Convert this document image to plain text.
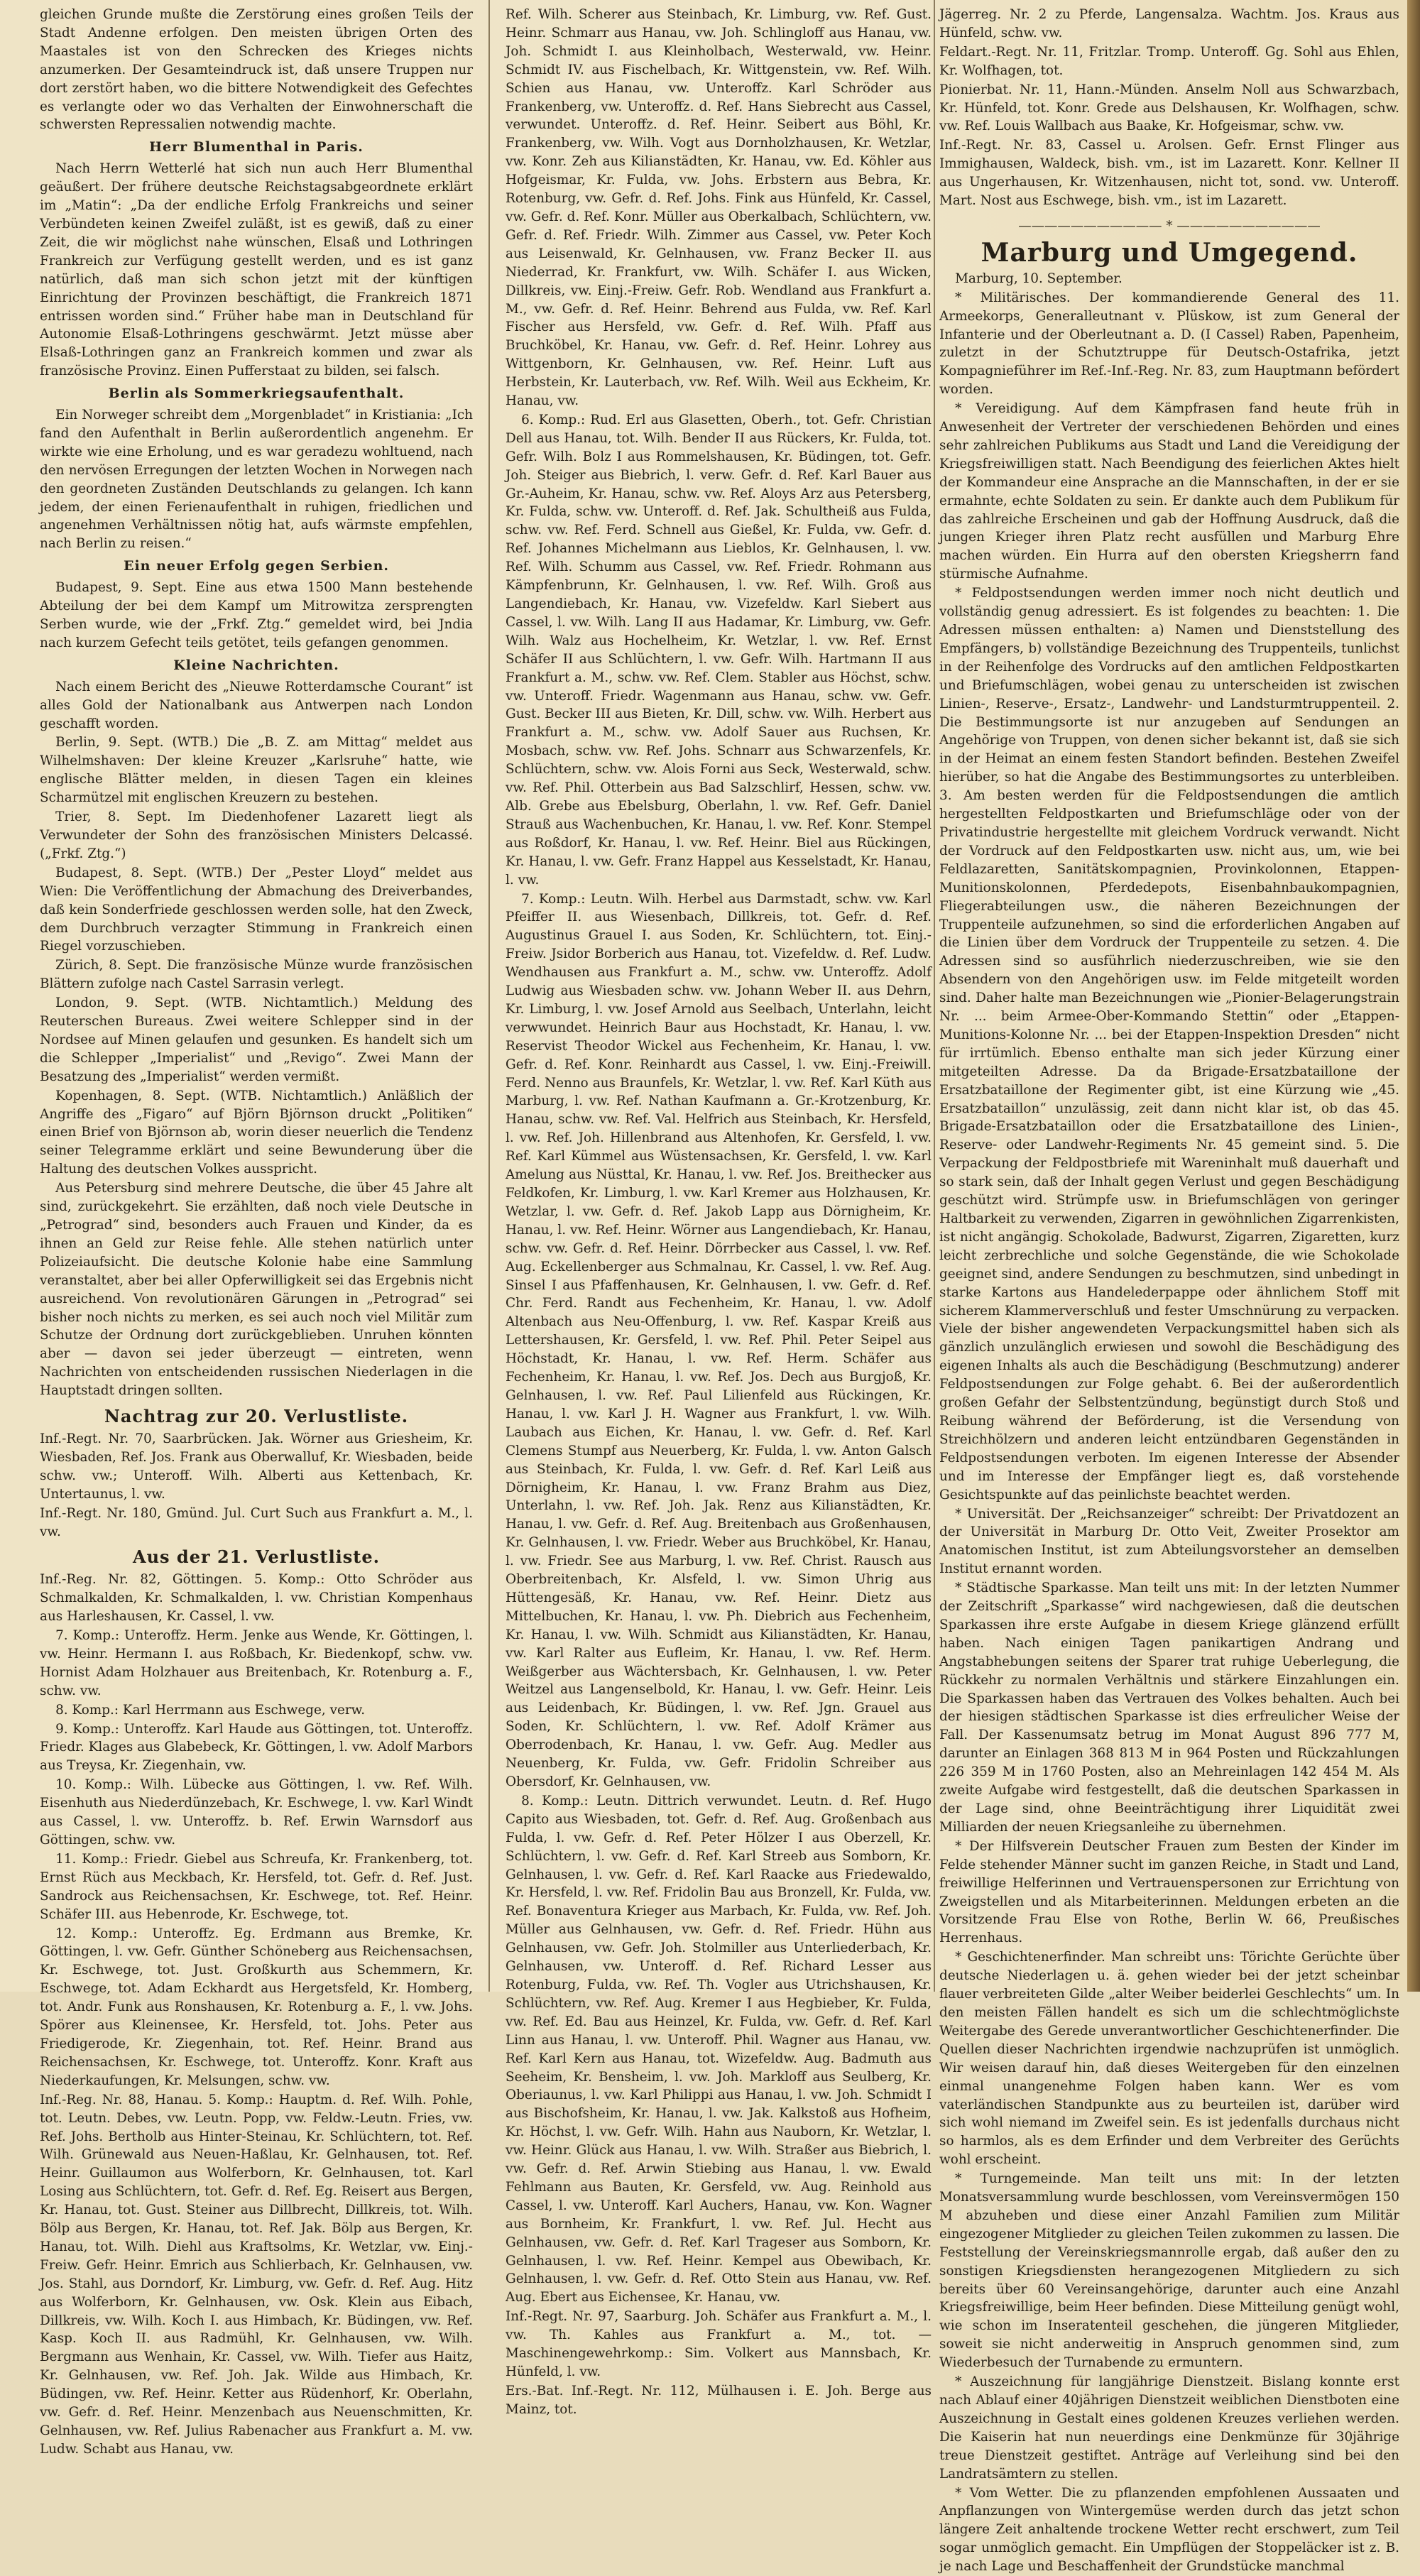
gleichen Grunde mußte die Zerstörung eines großen Teils der Stadt Andenne erfolgen. Den meisten übrigen Orten des Maastales ist von den Schrecken des Krieges nichts anzumerken. Der Gesamteindruck ist, daß unsere Truppen nur dort zerstört haben, wo die bittere Notwendigkeit des Gefechtes es verlangte oder wo das Verhalten der Einwohnerschaft die schwersten Repressalien notwendig machte.

Herr Blumenthal in Paris.

Nach Herrn Wetterlé hat sich nun auch Herr Blumenthal geäußert. Der frühere deutsche Reichstagsabgeordnete erklärt im „Matin“: „Da der endliche Erfolg Frankreichs und seiner Verbündeten keinen Zweifel zuläßt, ist es gewiß, daß zu einer Zeit, die wir möglichst nahe wünschen, Elsaß und Lothringen Frankreich zur Verfügung gestellt werden, und es ist ganz natürlich, daß man sich schon jetzt mit der künftigen Einrichtung der Provinzen beschäftigt, die Frankreich 1871 entrissen worden sind.“ Früher habe man in Deutschland für Autonomie Elsaß-Lothringens geschwärmt. Jetzt müsse aber Elsaß-Lothringen ganz an Frankreich kommen und zwar als französische Provinz. Einen Pufferstaat zu bilden, sei falsch.

Berlin als Sommerkriegsaufenthalt.

Ein Norweger schreibt dem „Morgenbladet“ in Kristiania: „Ich fand den Aufenthalt in Berlin außerordentlich angenehm. Er wirkte wie eine Erholung, und es war geradezu wohltuend, nach den nervösen Erregungen der letzten Wochen in Norwegen nach den geordneten Zuständen Deutschlands zu gelangen. Ich kann jedem, der einen Ferienaufenthalt in ruhigen, friedlichen und angenehmen Verhältnissen nötig hat, aufs wärmste empfehlen, nach Berlin zu reisen.“

Ein neuer Erfolg gegen Serbien.

Budapest, 9. Sept. Eine aus etwa 1500 Mann bestehende Abteilung der bei dem Kampf um Mitrowitza zersprengten Serben wurde, wie der „Frkf. Ztg.“ gemeldet wird, bei Jndia nach kurzem Gefecht teils getötet, teils gefangen genommen.

Kleine Nachrichten.

Nach einem Bericht des „Nieuwe Rotterdamsche Courant“ ist alles Gold der Nationalbank aus Antwerpen nach London geschafft worden.

Berlin, 9. Sept. (WTB.) Die „B. Z. am Mittag“ meldet aus Wilhelmshaven: Der kleine Kreuzer „Karlsruhe“ hatte, wie englische Blätter melden, in diesen Tagen ein kleines Scharmützel mit englischen Kreuzern zu bestehen.

Trier, 8. Sept. Im Diedenhofener Lazarett liegt als Verwundeter der Sohn des französischen Ministers Delcassé. („Frkf. Ztg.“)

Budapest, 8. Sept. (WTB.) Der „Pester Lloyd“ meldet aus Wien: Die Veröffentlichung der Abmachung des Dreiverbandes, daß kein Sonderfriede geschlossen werden solle, hat den Zweck, dem Durchbruch verzagter Stimmung in Frankreich einen Riegel vorzuschieben.

Zürich, 8. Sept. Die französische Münze wurde französischen Blättern zufolge nach Castel Sarrasin verlegt.

London, 9. Sept. (WTB. Nichtamtlich.) Meldung des Reuterschen Bureaus. Zwei weitere Schlepper sind in der Nordsee auf Minen gelaufen und gesunken. Es handelt sich um die Schlepper „Imperialist“ und „Revigo“. Zwei Mann der Besatzung des „Imperialist“ werden vermißt.

Kopenhagen, 8. Sept. (WTB. Nichtamtlich.) Anläßlich der Angriffe des „Figaro“ auf Björn Björnson druckt „Politiken“ einen Brief von Björnson ab, worin dieser neuerlich die Tendenz seiner Telegramme erklärt und seine Bewunderung über die Haltung des deutschen Volkes ausspricht.

Aus Petersburg sind mehrere Deutsche, die über 45 Jahre alt sind, zurückgekehrt. Sie erzählten, daß noch viele Deutsche in „Petrograd“ sind, besonders auch Frauen und Kinder, da es ihnen an Geld zur Reise fehle. Alle stehen natürlich unter Polizeiaufsicht. Die deutsche Kolonie habe eine Sammlung veranstaltet, aber bei aller Opferwilligkeit sei das Ergebnis nicht ausreichend. Von revolutionären Gärungen in „Petrograd“ sei bisher noch nichts zu merken, es sei auch noch viel Militär zum Schutze der Ordnung dort zurückgeblieben. Unruhen könnten aber — davon sei jeder überzeugt — eintreten, wenn Nachrichten von entscheidenden russischen Niederlagen in die Hauptstadt dringen sollten.

Nachtrag zur 20. Verlustliste.

Inf.-Regt. Nr. 70, Saarbrücken. Jak. Wörner aus Griesheim, Kr. Wiesbaden, Ref. Jos. Frank aus Oberwalluf, Kr. Wiesbaden, beide schw. vw.; Unteroff. Wilh. Alberti aus Kettenbach, Kr. Untertaunus, l. vw.

Inf.-Regt. Nr. 180, Gmünd. Jul. Curt Such aus Frankfurt a. M., l. vw.

Aus der 21. Verlustliste.

Inf.-Reg. Nr. 82, Göttingen. 5. Komp.: Otto Schröder aus Schmalkalden, Kr. Schmalkalden, l. vw. Christian Kompenhaus aus Harleshausen, Kr. Cassel, l. vw.

7. Komp.: Unteroffz. Herm. Jenke aus Wende, Kr. Göttingen, l. vw. Heinr. Hermann I. aus Roßbach, Kr. Biedenkopf, schw. vw. Hornist Adam Holzhauer aus Breitenbach, Kr. Rotenburg a. F., schw. vw.

8. Komp.: Karl Herrmann aus Eschwege, verw.

9. Komp.: Unteroffz. Karl Haude aus Göttingen, tot. Unteroffz. Friedr. Klages aus Glabebeck, Kr. Göttingen, l. vw. Adolf Marbors aus Treysa, Kr. Ziegenhain, vw.

10. Komp.: Wilh. Lübecke aus Göttingen, l. vw. Ref. Wilh. Eisenhuth aus Niederdünzebach, Kr. Eschwege, l. vw. Karl Windt aus Cassel, l. vw. Unteroffz. b. Ref. Erwin Warnsdorf aus Göttingen, schw. vw.

11. Komp.: Friedr. Giebel aus Schreufa, Kr. Frankenberg, tot. Ernst Rüch aus Meckbach, Kr. Hersfeld, tot. Gefr. d. Ref. Just. Sandrock aus Reichensachsen, Kr. Eschwege, tot. Ref. Heinr. Schäfer III. aus Hebenrode, Kr. Eschwege, tot.

12. Komp.: Unteroffz. Eg. Erdmann aus Bremke, Kr. Göttingen, l. vw. Gefr. Günther Schöneberg aus Reichensachsen, Kr. Eschwege, tot. Just. Großkurth aus Schemmern, Kr. Eschwege, tot. Adam Eckhardt aus Hergetsfeld, Kr. Homberg, tot. Andr. Funk aus Ronshausen, Kr. Rotenburg a. F., l. vw. Johs. Spörer aus Kleinensee, Kr. Hersfeld, tot. Johs. Peter aus Friedigerode, Kr. Ziegenhain, tot. Ref. Heinr. Brand aus Reichensachsen, Kr. Eschwege, tot. Unteroffz. Konr. Kraft aus Niederkaufungen, Kr. Melsungen, schw. vw.

Inf.-Reg. Nr. 88, Hanau. 5. Komp.: Hauptm. d. Ref. Wilh. Pohle, tot. Leutn. Debes, vw. Leutn. Popp, vw. Feldw.-Leutn. Fries, vw. Ref. Johs. Bertholb aus Hinter-Steinau, Kr. Schlüchtern, tot. Ref. Wilh. Grünewald aus Neuen-Haßlau, Kr. Gelnhausen, tot. Ref. Heinr. Guillaumon aus Wolferborn, Kr. Gelnhausen, tot. Karl Losing aus Schlüchtern, tot. Gefr. d. Ref. Eg. Reisert aus Bergen, Kr. Hanau, tot. Gust. Steiner aus Dillbrecht, Dillkreis, tot. Wilh. Bölp aus Bergen, Kr. Hanau, tot. Ref. Jak. Bölp aus Bergen, Kr. Hanau, tot. Wilh. Diehl aus Kraftsolms, Kr. Wetzlar, vw. Einj.-Freiw. Gefr. Heinr. Emrich aus Schlierbach, Kr. Gelnhausen, vw. Jos. Stahl, aus Dorndorf, Kr. Limburg, vw. Gefr. d. Ref. Aug. Hitz aus Wolferborn, Kr. Gelnhausen, vw. Osk. Klein aus Eibach, Dillkreis, vw. Wilh. Koch I. aus Himbach, Kr. Büdingen, vw. Ref. Kasp. Koch II. aus Radmühl, Kr. Gelnhausen, vw. Wilh. Bergmann aus Wenhain, Kr. Cassel, vw. Wilh. Tiefer aus Haitz, Kr. Gelnhausen, vw. Ref. Joh. Jak. Wilde aus Himbach, Kr. Büdingen, vw. Ref. Heinr. Ketter aus Rüdenhorf, Kr. Oberlahn, vw. Gefr. d. Ref. Heinr. Menzenbach aus Neuenschmitten, Kr. Gelnhausen, vw. Ref. Julius Rabenacher aus Frankfurt a. M. vw. Ludw. Schabt aus Hanau, vw.

Ref. Wilh. Scherer aus Steinbach, Kr. Limburg, vw. Ref. Gust. Heinr. Schmarr aus Hanau, vw. Joh. Schlingloff aus Hanau, vw. Joh. Schmidt I. aus Kleinholbach, Westerwald, vw. Heinr. Schmidt IV. aus Fischelbach, Kr. Wittgenstein, vw. Ref. Wilh. Schien aus Hanau, vw. Unteroffz. Karl Schröder aus Frankenberg, vw. Unteroffz. d. Ref. Hans Siebrecht aus Cassel, verwundet. Unteroffz. d. Ref. Heinr. Seibert aus Böhl, Kr. Frankenberg, vw. Wilh. Vogt aus Dornholzhausen, Kr. Wetzlar, vw. Konr. Zeh aus Kilianstädten, Kr. Hanau, vw. Ed. Köhler aus Hofgeismar, Kr. Fulda, vw. Johs. Erbstern aus Bebra, Kr. Rotenburg, vw. Gefr. d. Ref. Johs. Fink aus Hünfeld, Kr. Cassel, vw. Gefr. d. Ref. Konr. Müller aus Oberkalbach, Schlüchtern, vw. Gefr. d. Ref. Friedr. Wilh. Zimmer aus Cassel, vw. Peter Koch aus Leisenwald, Kr. Gelnhausen, vw. Franz Becker II. aus Niederrad, Kr. Frankfurt, vw. Wilh. Schäfer I. aus Wicken, Dillkreis, vw. Einj.-Freiw. Gefr. Rob. Wendland aus Frankfurt a. M., vw. Gefr. d. Ref. Heinr. Behrend aus Fulda, vw. Ref. Karl Fischer aus Hersfeld, vw. Gefr. d. Ref. Wilh. Pfaff aus Bruchköbel, Kr. Hanau, vw. Gefr. d. Ref. Heinr. Lohrey aus Wittgenborn, Kr. Gelnhausen, vw. Ref. Heinr. Luft aus Herbstein, Kr. Lauterbach, vw. Ref. Wilh. Weil aus Eckheim, Kr. Hanau, vw.

6. Komp.: Rud. Erl aus Glasetten, Oberh., tot. Gefr. Christian Dell aus Hanau, tot. Wilh. Bender II aus Rückers, Kr. Fulda, tot. Gefr. Wilh. Bolz I aus Rommelshausen, Kr. Büdingen, tot. Gefr. Joh. Steiger aus Biebrich, l. verw. Gefr. d. Ref. Karl Bauer aus Gr.-Auheim, Kr. Hanau, schw. vw. Ref. Aloys Arz aus Petersberg, Kr. Fulda, schw. vw. Unteroff. d. Ref. Jak. Schultheiß aus Fulda, schw. vw. Ref. Ferd. Schnell aus Gießel, Kr. Fulda, vw. Gefr. d. Ref. Johannes Michelmann aus Lieblos, Kr. Gelnhausen, l. vw. Ref. Wilh. Schumm aus Cassel, vw. Ref. Friedr. Rohmann aus Kämpfenbrunn, Kr. Gelnhausen, l. vw. Ref. Wilh. Groß aus Langendiebach, Kr. Hanau, vw. Vizefeldw. Karl Siebert aus Cassel, l. vw. Wilh. Lang II aus Hadamar, Kr. Limburg, vw. Gefr. Wilh. Walz aus Hochelheim, Kr. Wetzlar, l. vw. Ref. Ernst Schäfer II aus Schlüchtern, l. vw. Gefr. Wilh. Hartmann II aus Frankfurt a. M., schw. vw. Ref. Clem. Stabler aus Höchst, schw. vw. Unteroff. Friedr. Wagenmann aus Hanau, schw. vw. Gefr. Gust. Becker III aus Bieten, Kr. Dill, schw. vw. Wilh. Herbert aus Frankfurt a. M., schw. vw. Adolf Sauer aus Ruchsen, Kr. Mosbach, schw. vw. Ref. Johs. Schnarr aus Schwarzenfels, Kr. Schlüchtern, schw. vw. Alois Forni aus Seck, Westerwald, schw. vw. Ref. Phil. Otterbein aus Bad Salzschlirf, Hessen, schw. vw. Alb. Grebe aus Ebelsburg, Oberlahn, l. vw. Ref. Gefr. Daniel Strauß aus Wachenbuchen, Kr. Hanau, l. vw. Ref. Konr. Stempel aus Roßdorf, Kr. Hanau, l. vw. Ref. Heinr. Biel aus Rückingen, Kr. Hanau, l. vw. Gefr. Franz Happel aus Kesselstadt, Kr. Hanau, l. vw.

7. Komp.: Leutn. Wilh. Herbel aus Darmstadt, schw. vw. Karl Pfeiffer II. aus Wiesenbach, Dillkreis, tot. Gefr. d. Ref. Augustinus Grauel I. aus Soden, Kr. Schlüchtern, tot. Einj.-Freiw. Jsidor Borberich aus Hanau, tot. Vizefeldw. d. Ref. Ludw. Wendhausen aus Frankfurt a. M., schw. vw. Unteroffz. Adolf Ludwig aus Wiesbaden schw. vw. Johann Weber II. aus Dehrn, Kr. Limburg, l. vw. Josef Arnold aus Seelbach, Unterlahn, leicht verwwundet. Heinrich Baur aus Hochstadt, Kr. Hanau, l. vw. Reservist Theodor Wickel aus Fechenheim, Kr. Hanau, l. vw. Gefr. d. Ref. Konr. Reinhardt aus Cassel, l. vw. Einj.-Freiwill. Ferd. Nenno aus Braunfels, Kr. Wetzlar, l. vw. Ref. Karl Küth aus Marburg, l. vw. Ref. Nathan Kaufmann a. Gr.-Krotzenburg, Kr. Hanau, schw. vw. Ref. Val. Helfrich aus Steinbach, Kr. Hersfeld, l. vw. Ref. Joh. Hillenbrand aus Altenhofen, Kr. Gersfeld, l. vw. Ref. Karl Kümmel aus Wüstensachsen, Kr. Gersfeld, l. vw. Karl Amelung aus Nüsttal, Kr. Hanau, l. vw. Ref. Jos. Breithecker aus Feldkofen, Kr. Limburg, l. vw. Karl Kremer aus Holzhausen, Kr. Wetzlar, l. vw. Gefr. d. Ref. Jakob Lapp aus Dörnigheim, Kr. Hanau, l. vw. Ref. Heinr. Wörner aus Langendiebach, Kr. Hanau, schw. vw. Gefr. d. Ref. Heinr. Dörrbecker aus Cassel, l. vw. Ref. Aug. Eckellenberger aus Schmalnau, Kr. Cassel, l. vw. Ref. Aug. Sinsel I aus Pfaffenhausen, Kr. Gelnhausen, l. vw. Gefr. d. Ref. Chr. Ferd. Randt aus Fechenheim, Kr. Hanau, l. vw. Adolf Altenbach aus Neu-Offenburg, l. vw. Ref. Kaspar Kreiß aus Lettershausen, Kr. Gersfeld, l. vw. Ref. Phil. Peter Seipel aus Höchstadt, Kr. Hanau, l. vw. Ref. Herm. Schäfer aus Fechenheim, Kr. Hanau, l. vw. Ref. Jos. Dech aus Burgjoß, Kr. Gelnhausen, l. vw. Ref. Paul Lilienfeld aus Rückingen, Kr. Hanau, l. vw. Karl J. H. Wagner aus Frankfurt, l. vw. Wilh. Laubach aus Eichen, Kr. Hanau, l. vw. Gefr. d. Ref. Karl Clemens Stumpf aus Neuerberg, Kr. Fulda, l. vw. Anton Galsch aus Steinbach, Kr. Fulda, l. vw. Gefr. d. Ref. Karl Leiß aus Dörnigheim, Kr. Hanau, l. vw. Franz Brahm aus Diez, Unterlahn, l. vw. Ref. Joh. Jak. Renz aus Kilianstädten, Kr. Hanau, l. vw. Gefr. d. Ref. Aug. Breitenbach aus Großenhausen, Kr. Gelnhausen, l. vw. Friedr. Weber aus Bruchköbel, Kr. Hanau, l. vw. Friedr. See aus Marburg, l. vw. Ref. Christ. Rausch aus Oberbreitenbach, Kr. Alsfeld, l. vw. Simon Uhrig aus Hüttengesäß, Kr. Hanau, vw. Ref. Heinr. Dietz aus Mittelbuchen, Kr. Hanau, l. vw. Ph. Diebrich aus Fechenheim, Kr. Hanau, l. vw. Wilh. Schmidt aus Kilianstädten, Kr. Hanau, vw. Karl Ralter aus Eufleim, Kr. Hanau, l. vw. Ref. Herm. Weißgerber aus Wächtersbach, Kr. Gelnhausen, l. vw. Peter Weitzel aus Langenselbold, Kr. Hanau, l. vw. Gefr. Heinr. Leis aus Leidenbach, Kr. Büdingen, l. vw. Ref. Jgn. Grauel aus Soden, Kr. Schlüchtern, l. vw. Ref. Adolf Krämer aus Oberrodenbach, Kr. Hanau, l. vw. Gefr. Aug. Medler aus Neuenberg, Kr. Fulda, vw. Gefr. Fridolin Schreiber aus Obersdorf, Kr. Gelnhausen, vw.

8. Komp.: Leutn. Dittrich verwundet. Leutn. d. Ref. Hugo Capito aus Wiesbaden, tot. Gefr. d. Ref. Aug. Großenbach aus Fulda, l. vw. Gefr. d. Ref. Peter Hölzer I aus Oberzell, Kr. Schlüchtern, l. vw. Gefr. d. Ref. Karl Streeb aus Somborn, Kr. Gelnhausen, l. vw. Gefr. d. Ref. Karl Raacke aus Friedewaldo, Kr. Hersfeld, l. vw. Ref. Fridolin Bau aus Bronzell, Kr. Fulda, vw. Ref. Bonaventura Krieger aus Marbach, Kr. Fulda, vw. Ref. Joh. Müller aus Gelnhausen, vw. Gefr. d. Ref. Friedr. Hühn aus Gelnhausen, vw. Gefr. Joh. Stolmiller aus Unterliederbach, Kr. Gelnhausen, vw. Unteroff. d. Ref. Richard Lesser aus Rotenburg, Fulda, vw. Ref. Th. Vogler aus Utrichshausen, Kr. Schlüchtern, vw. Ref. Aug. Kremer I aus Hegbieber, Kr. Fulda, vw. Ref. Ed. Bau aus Heinzel, Kr. Fulda, vw. Gefr. d. Ref. Karl Linn aus Hanau, l. vw. Unteroff. Phil. Wagner aus Hanau, vw. Ref. Karl Kern aus Hanau, tot. Wizefeldw. Aug. Badmuth aus Seeheim, Kr. Bensheim, l. vw. Joh. Markloff aus Seulberg, Kr. Oberiaunus, l. vw. Karl Philippi aus Hanau, l. vw. Joh. Schmidt I aus Bischofsheim, Kr. Hanau, l. vw. Jak. Kalkstoß aus Hofheim, Kr. Höchst, l. vw. Gefr. Wilh. Hahn aus Nauborn, Kr. Wetzlar, l. vw. Heinr. Glück aus Hanau, l. vw. Wilh. Straßer aus Biebrich, l. vw. Gefr. d. Ref. Arwin Stiebing aus Hanau, l. vw. Ewald Fehlmann aus Bauten, Kr. Gersfeld, vw. Aug. Reinhold aus Cassel, l. vw. Unteroff. Karl Auchers, Hanau, vw. Kon. Wagner aus Bornheim, Kr. Frankfurt, l. vw. Ref. Jul. Hecht aus Gelnhausen, vw. Gefr. d. Ref. Karl Trageser aus Somborn, Kr. Gelnhausen, l. vw. Ref. Heinr. Kempel aus Obewibach, Kr. Gelnhausen, l. vw. Gefr. d. Ref. Otto Stein aus Hanau, vw. Ref. Aug. Ebert aus Eichensee, Kr. Hanau, vw.

Inf.-Regt. Nr. 97, Saarburg. Joh. Schäfer aus Frankfurt a. M., l. vw. Th. Kahles aus Frankfurt a. M., tot. — Maschinengewehrkomp.: Sim. Volkert aus Mannsbach, Kr. Hünfeld, l. vw.

Ers.-Bat. Inf.-Regt. Nr. 112, Mülhausen i. E. Joh. Berge aus Mainz, tot.

Jägerreg. Nr. 2 zu Pferde, Langensalza. Wachtm. Jos. Kraus aus Hünfeld, schw. vw.

Feldart.-Regt. Nr. 11, Fritzlar. Tromp. Unteroff. Gg. Sohl aus Ehlen, Kr. Wolfhagen, tot.

Pionierbat. Nr. 11, Hann.-Münden. Anselm Noll aus Schwarzbach, Kr. Hünfeld, tot. Konr. Grede aus Delshausen, Kr. Wolfhagen, schw. vw. Ref. Louis Wallbach aus Baake, Kr. Hofgeismar, schw. vw.

Inf.-Regt. Nr. 83, Cassel u. Arolsen. Gefr. Ernst Flinger aus Immighausen, Waldeck, bish. vm., ist im Lazarett. Konr. Kellner II aus Ungerhausen, Kr. Witzenhausen, nicht tot, sond. vw. Unteroff. Mart. Nost aus Eschwege, bish. vm., ist im Lazarett.

——————————— * ———————————
Marburg und Umgegend.

Marburg, 10. September.

* Militärisches. Der kommandierende General des 11. Armeekorps, Generalleutnant v. Plüskow, ist zum General der Infanterie und der Oberleutnant a. D. (I Cassel) Raben, Papenheim, zuletzt in der Schutztruppe für Deutsch-Ostafrika, jetzt Kompagnieführer im Ref.-Inf.-Reg. Nr. 83, zum Hauptmann befördert worden.

* Vereidigung. Auf dem Kämpfrasen fand heute früh in Anwesenheit der Vertreter der verschiedenen Behörden und eines sehr zahlreichen Publikums aus Stadt und Land die Vereidigung der Kriegsfreiwilligen statt. Nach Beendigung des feierlichen Aktes hielt der Kommandeur eine Ansprache an die Mannschaften, in der er sie ermahnte, echte Soldaten zu sein. Er dankte auch dem Publikum für das zahlreiche Erscheinen und gab der Hoffnung Ausdruck, daß die jungen Krieger ihren Platz recht ausfüllen und Marburg Ehre machen würden. Ein Hurra auf den obersten Kriegsherrn fand stürmische Aufnahme.

* Feldpostsendungen werden immer noch nicht deutlich und vollständig genug adressiert. Es ist folgendes zu beachten: 1. Die Adressen müssen enthalten: a) Namen und Dienststellung des Empfängers, b) vollständige Bezeichnung des Truppenteils, tunlichst in der Reihenfolge des Vordrucks auf den amtlichen Feldpostkarten und Briefumschlägen, wobei genau zu unterscheiden ist zwischen Linien-, Reserve-, Ersatz-, Landwehr- und Landsturmtruppenteil. 2. Die Bestimmungsorte ist nur anzugeben auf Sendungen an Angehörige von Truppen, von denen sicher bekannt ist, daß sie sich in der Heimat an einem festen Standort befinden. Bestehen Zweifel hierüber, so hat die Angabe des Bestimmungsortes zu unterbleiben. 3. Am besten werden für die Feldpostsendungen die amtlich hergestellten Feldpostkarten und Briefumschläge oder von der Privatindustrie hergestellte mit gleichem Vordruck verwandt. Nicht der Vordruck auf den Feldpostkarten usw. nicht aus, um, wie bei Feldlazaretten, Sanitätskompagnien, Provinkolonnen, Etappen-Munitionskolonnen, Pferdedepots, Eisenbahnbaukompagnien, Fliegerabteilungen usw., die näheren Bezeichnungen der Truppenteile aufzunehmen, so sind die erforderlichen Angaben auf die Linien über dem Vordruck der Truppenteile zu setzen. 4. Die Adressen sind so ausführlich niederzuschreiben, wie sie den Absendern von den Angehörigen usw. im Felde mitgeteilt worden sind. Daher halte man Bezeichnungen wie „Pionier-Belagerungstrain Nr. ... beim Armee-Ober-Kommando Stettin“ oder „Etappen-Munitions-Kolonne Nr. ... bei der Etappen-Inspektion Dresden“ nicht für irrtümlich. Ebenso enthalte man sich jeder Kürzung einer mitgeteilten Adresse. Da da Brigade-Ersatzbataillone der Ersatzbataillone der Regimenter gibt, ist eine Kürzung wie „45. Ersatzbataillon“ unzulässig, zeit dann nicht klar ist, ob das 45. Brigade-Ersatzbataillon oder die Ersatzbataillone des Linien-, Reserve- oder Landwehr-Regiments Nr. 45 gemeint sind. 5. Die Verpackung der Feldpostbriefe mit Wareninhalt muß dauerhaft und so stark sein, daß der Inhalt gegen Verlust und gegen Beschädigung geschützt wird. Strümpfe usw. in Briefumschlägen von geringer Haltbarkeit zu verwenden, Zigarren in gewöhnlichen Zigarrenkisten, ist nicht angängig. Schokolade, Badwurst, Zigarren, Zigaretten, kurz leicht zerbrechliche und solche Gegenstände, die wie Schokolade geeignet sind, andere Sendungen zu beschmutzen, sind unbedingt in starke Kartons aus Handelederpappe oder ähnlichem Stoff mit sicherem Klammerverschluß und fester Umschnürung zu verpacken. Viele der bisher angewendeten Verpackungsmittel haben sich als gänzlich unzulänglich erwiesen und sowohl die Beschädigung des eigenen Inhalts als auch die Beschädigung (Beschmutzung) anderer Feldpostsendungen zur Folge gehabt. 6. Bei der außerordentlich großen Gefahr der Selbstentzündung, begünstigt durch Stoß und Reibung während der Beförderung, ist die Versendung von Streichhölzern und anderen leicht entzündbaren Gegenständen in Feldpostsendungen verboten. Im eigenen Interesse der Absender und im Interesse der Empfänger liegt es, daß vorstehende Gesichtspunkte auf das peinlichste beachtet werden.

* Universität. Der „Reichsanzeiger“ schreibt: Der Privatdozent an der Universität in Marburg Dr. Otto Veit, Zweiter Prosektor am Anatomischen Institut, ist zum Abteilungsvorsteher an demselben Institut ernannt worden.

* Städtische Sparkasse. Man teilt uns mit: In der letzten Nummer der Zeitschrift „Sparkasse“ wird nachgewiesen, daß die deutschen Sparkassen ihre erste Aufgabe in diesem Kriege glänzend erfüllt haben. Nach einigen Tagen panikartigen Andrang und Angstabhebungen seitens der Sparer trat ruhige Ueberlegung, die Rückkehr zu normalen Verhältnis und stärkere Einzahlungen ein. Die Sparkassen haben das Vertrauen des Volkes behalten. Auch bei der hiesigen städtischen Sparkasse ist dies erfreulicher Weise der Fall. Der Kassenumsatz betrug im Monat August 896 777 M, darunter an Einlagen 368 813 M in 964 Posten und Rückzahlungen 226 359 M in 1760 Posten, also an Mehreinlagen 142 454 M. Als zweite Aufgabe wird festgestellt, daß die deutschen Sparkassen in der Lage sind, ohne Beeinträchtigung ihrer Liquidität zwei Milliarden der neuen Kriegsanleihe zu übernehmen.

* Der Hilfsverein Deutscher Frauen zum Besten der Kinder im Felde stehender Männer sucht im ganzen Reiche, in Stadt und Land, freiwillige Helferinnen und Vertrauenspersonen zur Errichtung von Zweigstellen und als Mitarbeiterinnen. Meldungen erbeten an die Vorsitzende Frau Else von Rothe, Berlin W. 66, Preußisches Herrenhaus.

* Geschichtenerfinder. Man schreibt uns: Törichte Gerüchte über deutsche Niederlagen u. ä. gehen wieder bei der jetzt scheinbar flauer verbreiteten Gilde „alter Weiber beiderlei Geschlechts“ um. In den meisten Fällen handelt es sich um die schlechtmöglichste Weitergabe des Gerede unverantwortlicher Geschichtenerfinder. Die Quellen dieser Nachrichten irgendwie nachzuprüfen ist unmöglich. Wir weisen darauf hin, daß dieses Weitergeben für den einzelnen einmal unangenehme Folgen haben kann. Wer es vom vaterländischen Standpunkte aus zu beurteilen ist, darüber wird sich wohl niemand im Zweifel sein. Es ist jedenfalls durchaus nicht so harmlos, als es dem Erfinder und dem Verbreiter des Gerüchts wohl erscheint.

* Turngemeinde. Man teilt uns mit: In der letzten Monatsversammlung wurde beschlossen, vom Vereinsvermögen 150 M abzuheben und diese einer Anzahl Familien zum Militär eingezogener Mitglieder zu gleichen Teilen zukommen zu lassen. Die Feststellung der Vereinskriegsmannrolle ergab, daß außer den zu sonstigen Kriegsdiensten herangezogenen Mitgliedern zu sich bereits über 60 Vereinsangehörige, darunter auch eine Anzahl Kriegsfreiwillige, beim Heer befinden. Diese Mitteilung genügt wohl, wie schon im Inseratenteil geschehen, die jüngeren Mitglieder, soweit sie nicht anderweitig in Anspruch genommen sind, zum Wiederbesuch der Turnabende zu ermuntern.

* Auszeichnung für langjährige Dienstzeit. Bislang konnte erst nach Ablauf einer 40jährigen Dienstzeit weiblichen Dienstboten eine Auszeichnung in Gestalt eines goldenen Kreuzes verliehen werden. Die Kaiserin hat nun neuerdings eine Denkmünze für 30jährige treue Dienstzeit gestiftet. Anträge auf Verleihung sind bei den Landratsämtern zu stellen.

* Vom Wetter. Die zu pflanzenden empfohlenen Aussaaten und Anpflanzungen von Wintergemüse werden durch das jetzt schon längere Zeit anhaltende trockene Wetter recht erschwert, zum Teil sogar unmöglich gemacht. Ein Umpflügen der Stoppeläcker ist z. B. je nach Lage und Beschaffenheit der Grundstücke manchmal
